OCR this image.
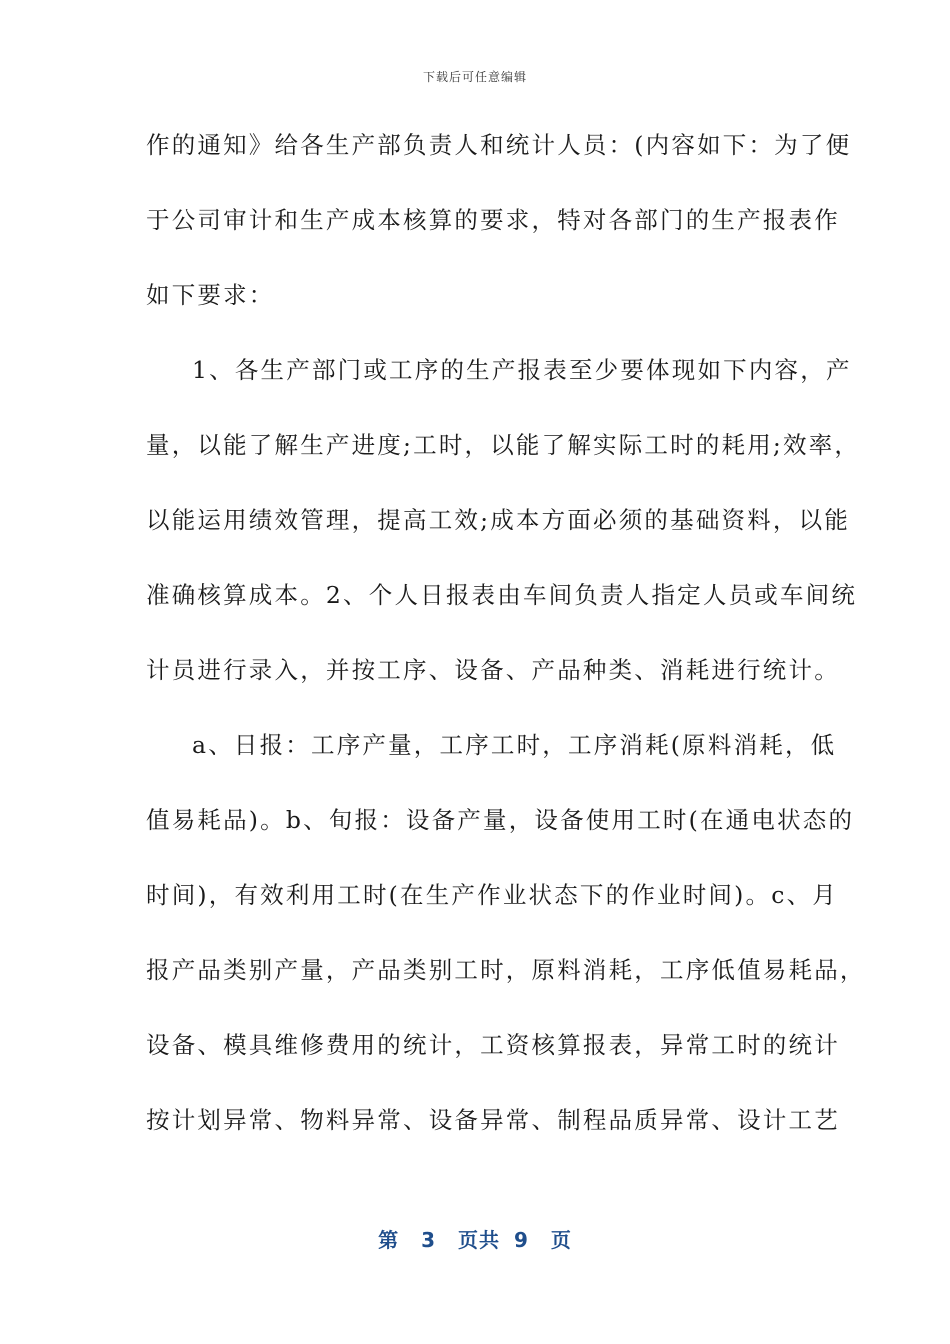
下载后可任意编辑
作的通知》给各生产部负责人和统计人员：(内容如下：为了便
于公司审计和生产成本核算的要求，特对各部门的生产报表作
如下要求：
1、各生产部门或工序的生产报表至少要体现如下内容，产
量，以能了解生产进度;工时，以能了解实际工时的耗用;效率，
以能运用绩效管理，提高工效;成本方面必须的基础资料，以能
准确核算成本。2、个人日报表由车间负责人指定人员或车间统
计员进行录入，并按工序、设备、产品种类、消耗进行统计。
a、日报：工序产量，工序工时，工序消耗(原料消耗，低
值易耗品)。b、旬报：设备产量，设备使用工时(在通电状态的
时间)，有效利用工时(在生产作业状态下的作业时间)。c、月
报产品类别产量，产品类别工时，原料消耗，工序低值易耗品，
设备、模具维修费用的统计，工资核算报表，异常工时的统计
按计划异常、物料异常、设备异常、制程品质异常、设计工艺
第 3 页共 9 页
